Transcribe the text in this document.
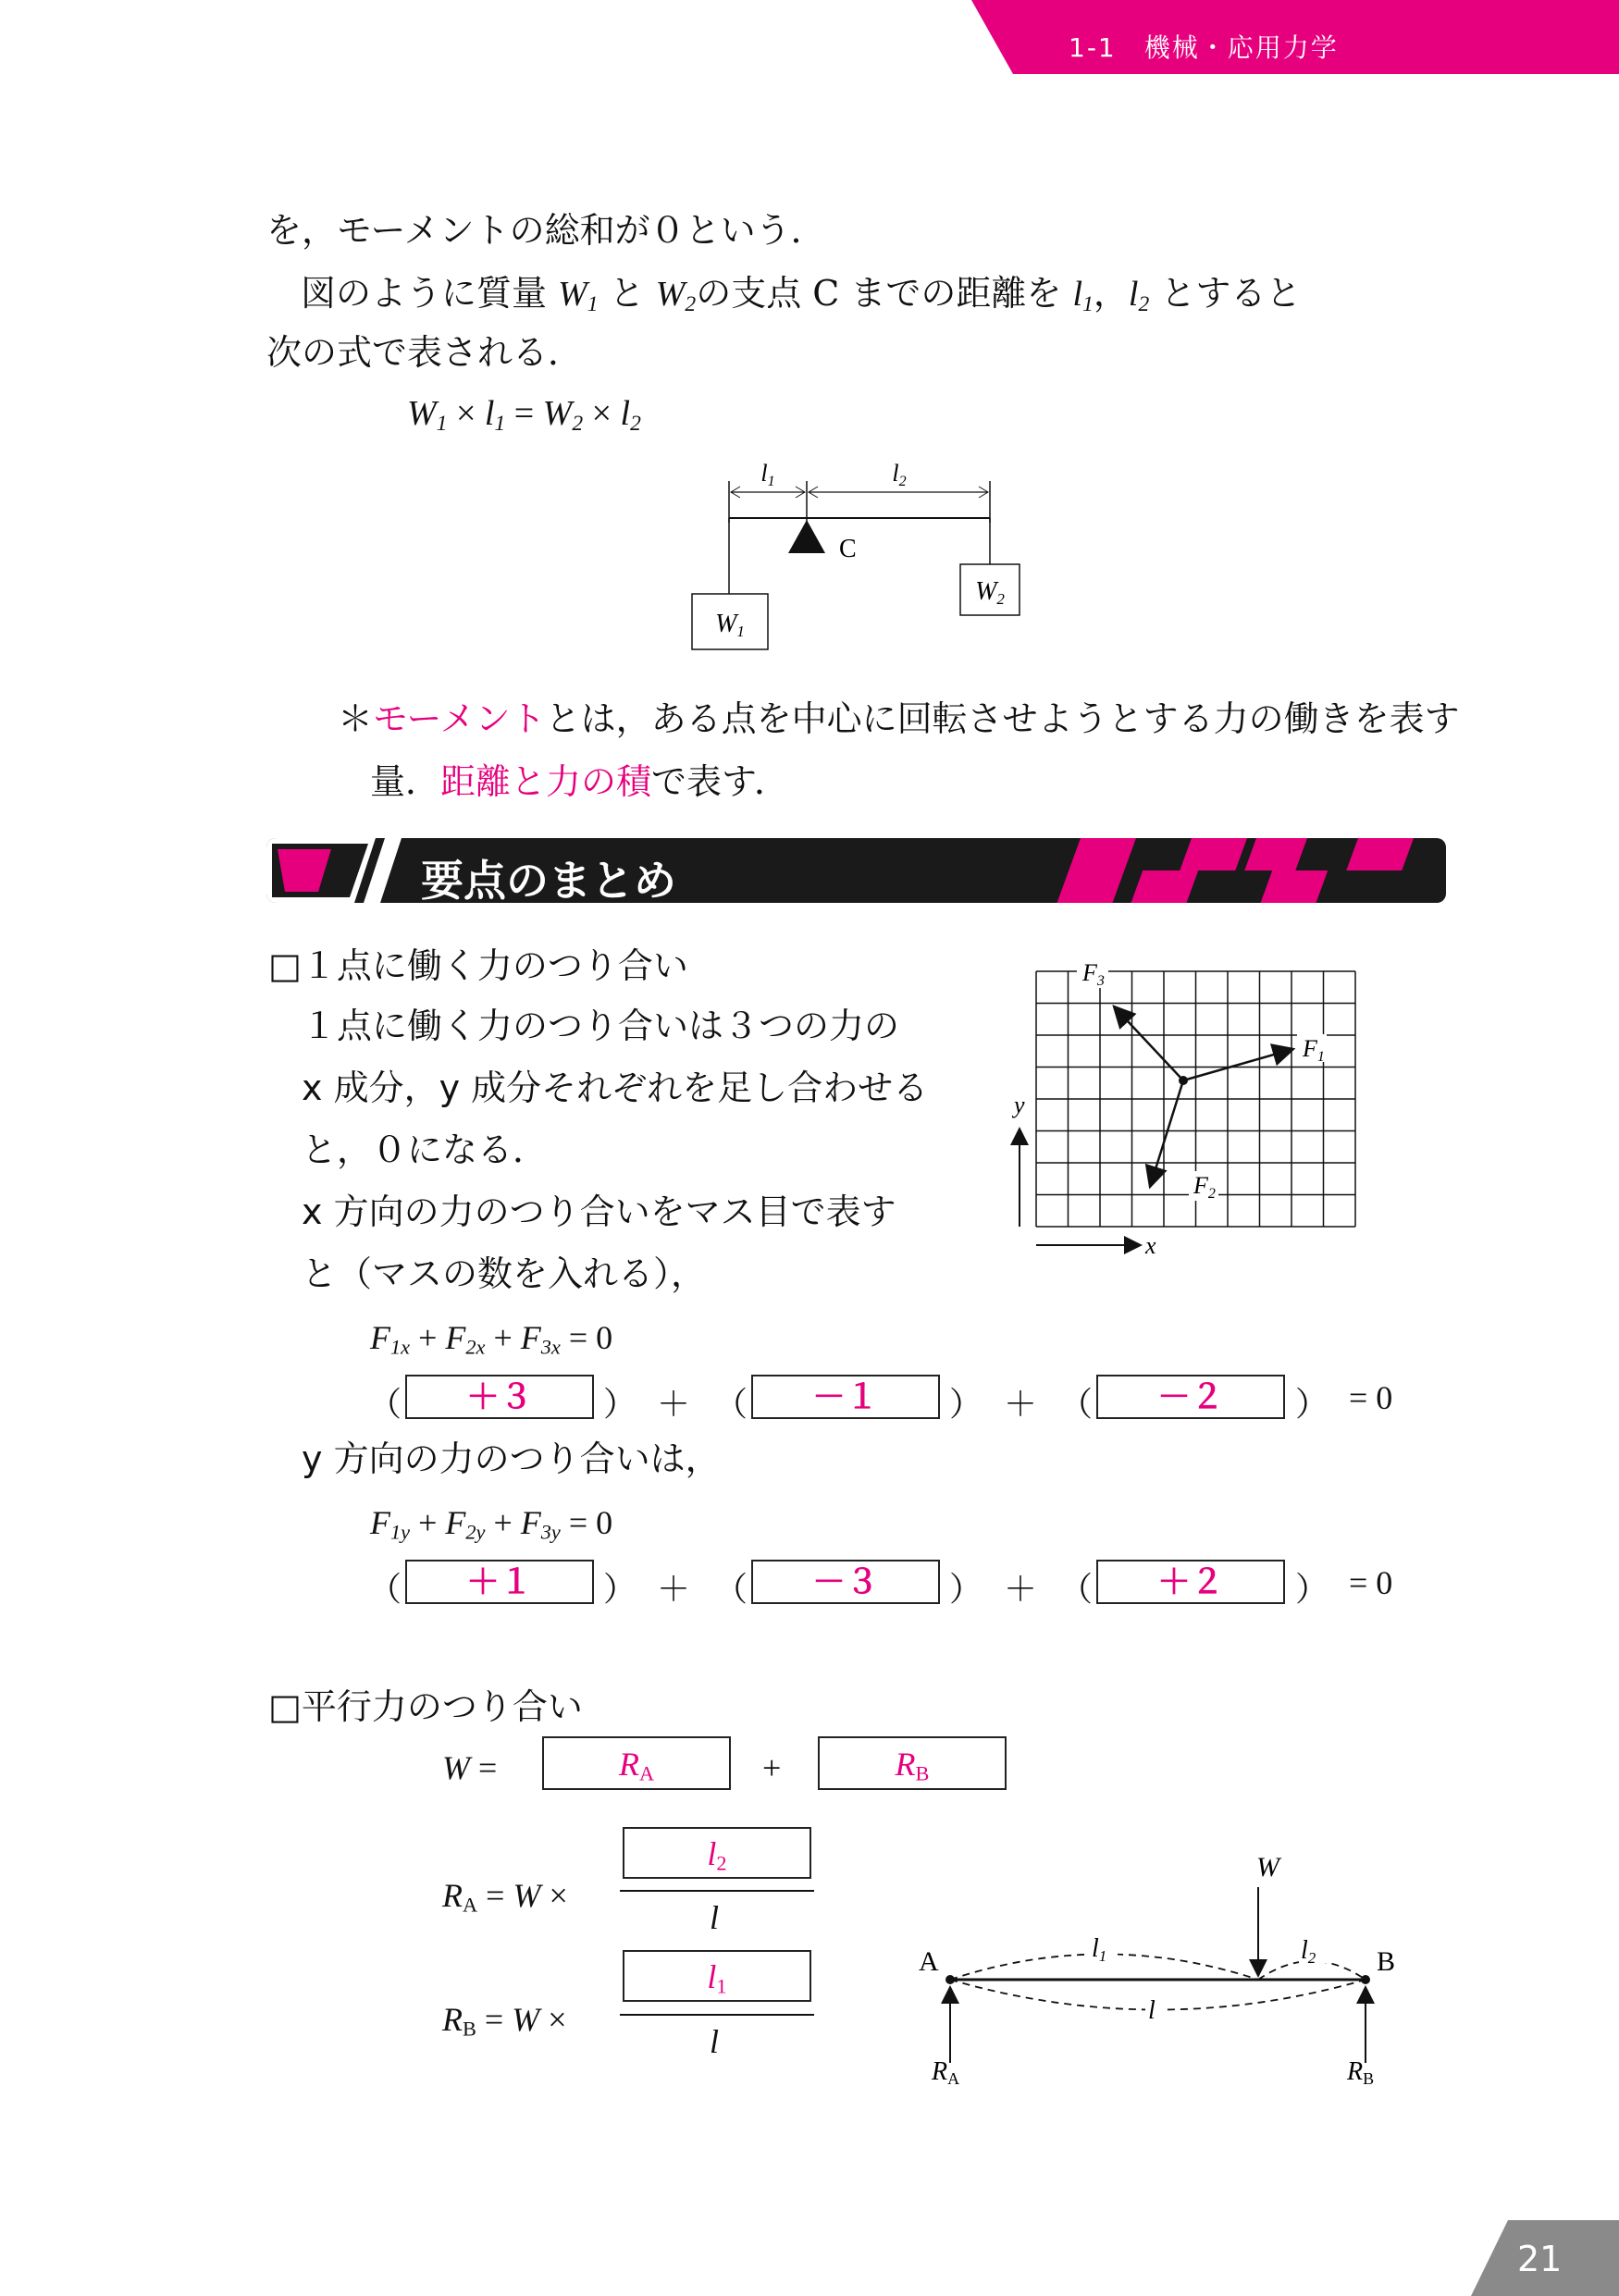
1-1　機械・応用力学
を，モーメントの総和が０という．
図のように質量 $W_1$ と $W_2$の支点 C までの距離を $l_1$，$l_2$ とすると
次の式で表される．
$W_1 \times l_1 = W_2 \times l_2$
l1	l2
C
W1
W2
＊モーメントとは，ある点を中心に回転させようとする力の働きを表す
量．距離と力の積で表す．
要点のまとめ
□１点に働く力のつり合い
１点に働く力のつり合いは３つの力の
x 成分，y 成分それぞれを足し合わせる
と，０になる．
x 方向の力のつり合いをマス目で表す
と（マスの数を入れる），
F1
F2
F3
y
x
$F_{1x} + F_{2x} + F_{3x} = 0$
（	＋３	） ＋ （	－１	） ＋ （	－２	） = 0
y 方向の力のつり合いは，
$F_{1y} + F_{2y} + F_{3y} = 0$
（	＋１	） ＋ （	－３	） ＋ （	＋２	） = 0
□平行力のつり合い
W =	$R_A$	+	$R_B$
$R_A = W$ ×
$l_2$
l
$R_B = W$ ×
$l_1$
l
W
A	B
l1	l2
l
RA	RB
21
